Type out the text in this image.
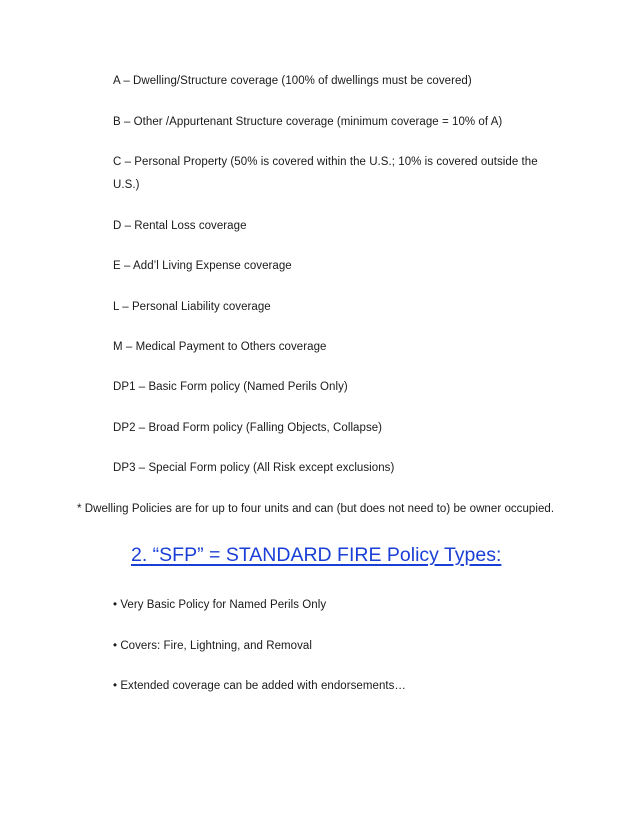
A – Dwelling/Structure coverage (100% of dwellings must be covered)
B – Other /Appurtenant Structure coverage (minimum coverage = 10% of A)
C – Personal Property (50% is covered within the U.S.; 10% is covered outside the
U.S.)
D – Rental Loss coverage
E – Add’l Living Expense coverage
L – Personal Liability coverage
M – Medical Payment to Others coverage
DP1 – Basic Form policy (Named Perils Only)
DP2 – Broad Form policy (Falling Objects, Collapse)
DP3 – Special Form policy (All Risk except exclusions)
* Dwelling Policies are for up to four units and can (but does not need to) be owner occupied.
2. “SFP” = STANDARD FIRE Policy Types:
• Very Basic Policy for Named Perils Only
• Covers: Fire, Lightning, and Removal
• Extended coverage can be added with endorsements…
